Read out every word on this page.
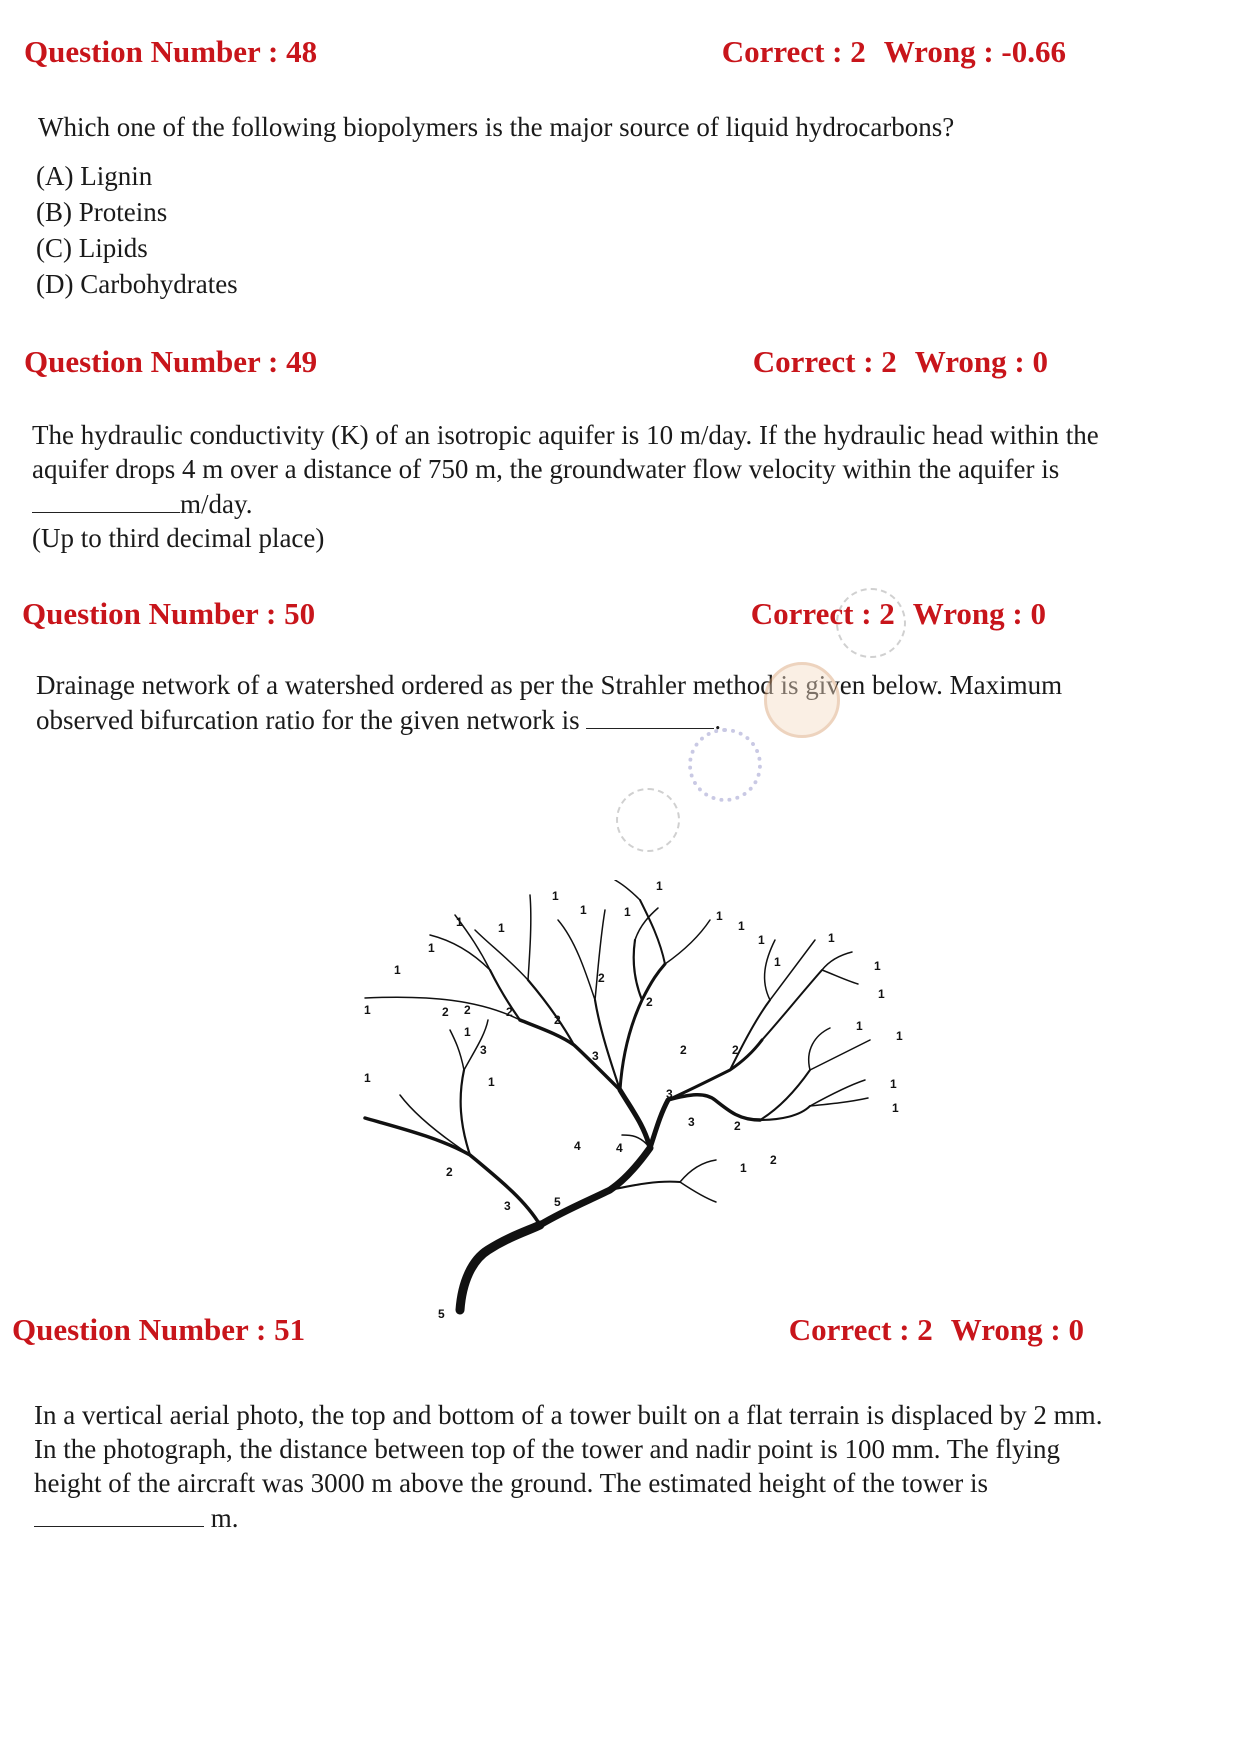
Question Number : 48	Correct : 2 Wrong : -0.66

Which one of the following biopolymers is the major source of liquid hydrocarbons?

(A) Lignin
(B) Proteins
(C) Lipids
(D) Carbohydrates
Question Number : 49	Correct : 2 Wrong : 0
The hydraulic conductivity (K) of an isotropic aquifer is 10 m/day. If the hydraulic head within the
aquifer drops 4 m over a distance of 750 m, the groundwater flow velocity within the aquifer is
m/day.
(Up to third decimal place)
Question Number : 50	Correct : 2 Wrong : 0
Drainage network of a watershed ordered as per the Strahler method is given below. Maximum
observed bifurcation ratio for the given network is	.
1
1
1
1
1
1
1	1
1
1
1
1
1
1	1
1
1
1
1
1
1
1
1
1
2 2	2
2
2
2
2	2
2
2
2
3	3
3
3
3
4	4
5
5
Question Number : 51	Correct : 2 Wrong : 0
In a vertical aerial photo, the top and bottom of a tower built on a flat terrain is displaced by 2 mm.
In the photograph, the distance between top of the tower and nadir point is 100 mm. The flying
height of the aircraft was 3000 m above the ground. The estimated height of the tower is
m.
